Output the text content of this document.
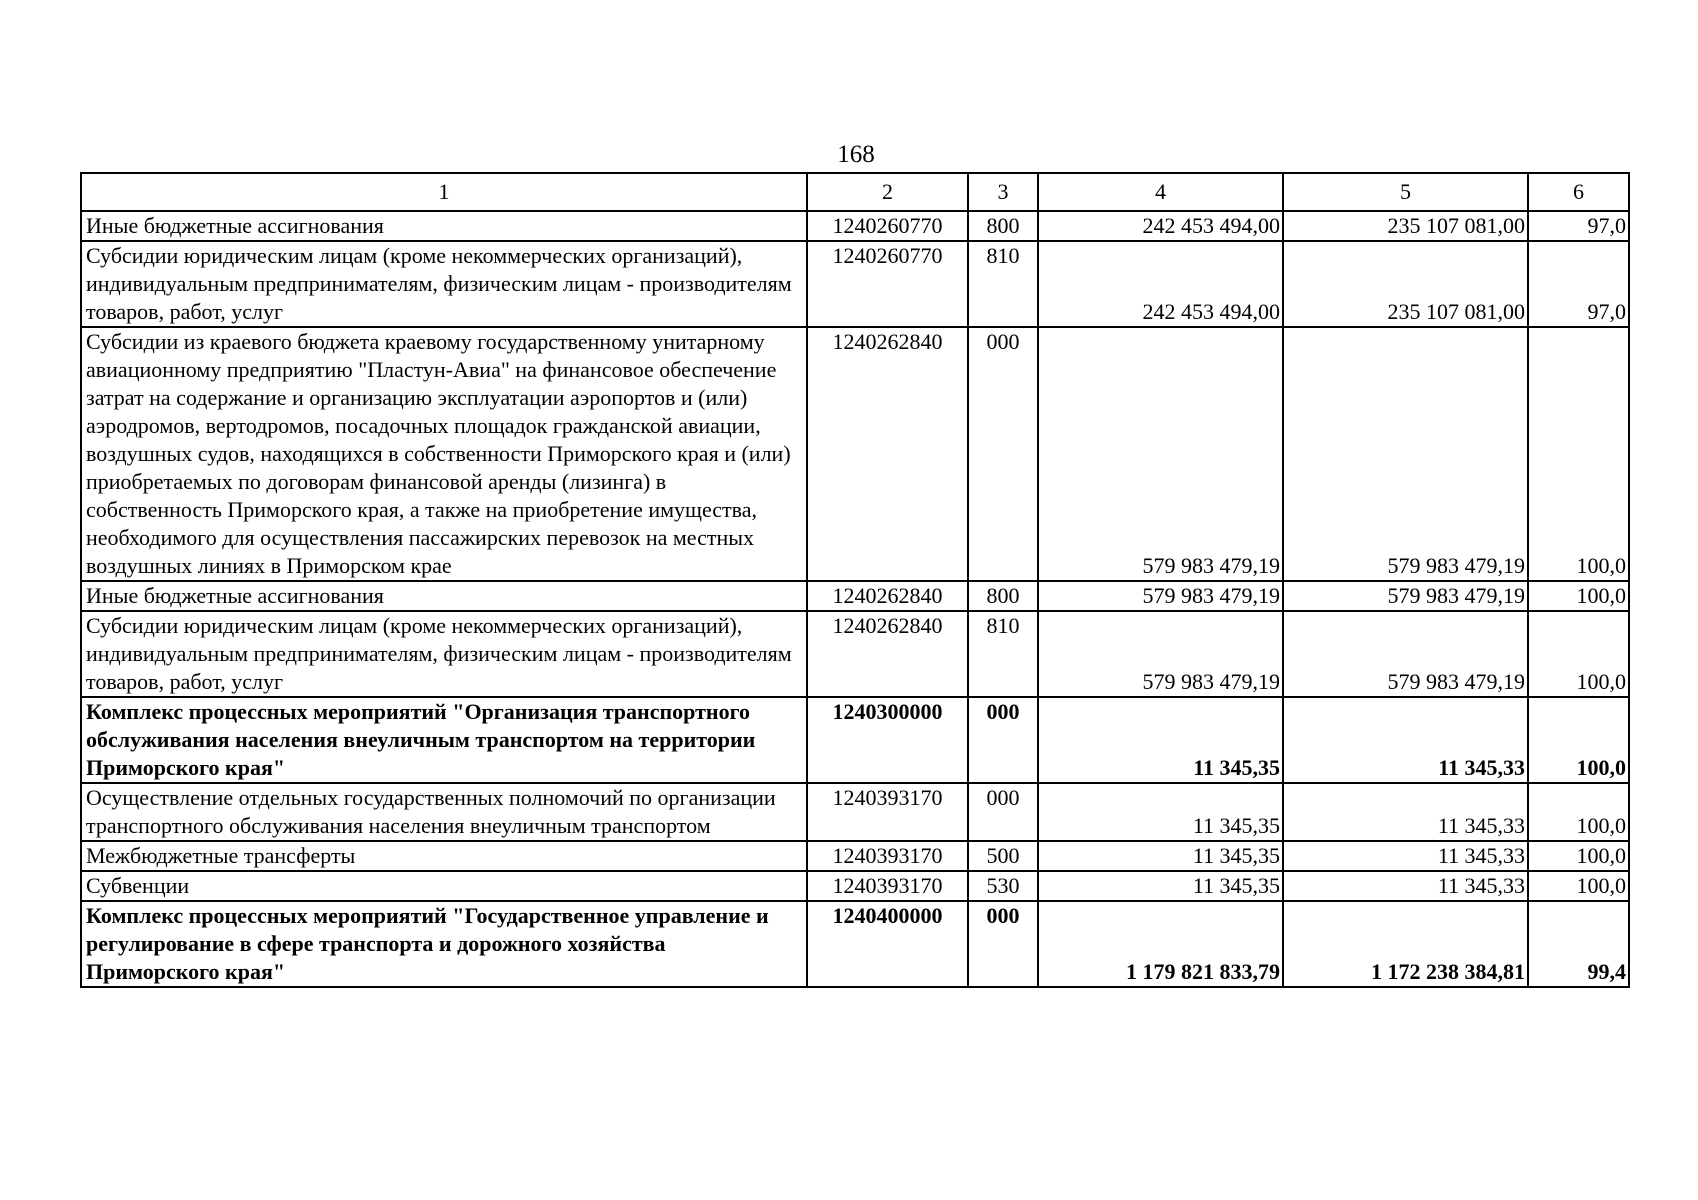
168
1	2	3	4	5	6
Иные бюджетные ассигнования	1240260770	800	242 453 494,00	235 107 081,00	97,0
Субсидии юридическим лицам (кроме некоммерческих организаций), индивидуальным предпринимателям, физическим лицам - производителям товаров, работ, услуг	1240260770	810	242 453 494,00	235 107 081,00	97,0
Субсидии из краевого бюджета краевому государственному унитарному авиационному предприятию "Пластун-Авиа" на финансовое обеспечение затрат на содержание и организацию эксплуатации аэропортов и (или) аэродромов, вертодромов, посадочных площадок гражданской авиации, воздушных судов, находящихся в собственности Приморского края и (или) приобретаемых по договорам финансовой аренды (лизинга) в собственность Приморского края, а также на приобретение имущества, необходимого для осуществления пассажирских перевозок на местных воздушных линиях в Приморском крае	1240262840	000	579 983 479,19	579 983 479,19	100,0
Иные бюджетные ассигнования	1240262840	800	579 983 479,19	579 983 479,19	100,0
Субсидии юридическим лицам (кроме некоммерческих организаций), индивидуальным предпринимателям, физическим лицам - производителям товаров, работ, услуг	1240262840	810	579 983 479,19	579 983 479,19	100,0
Комплекс процессных мероприятий "Организация транспортного обслуживания населения внеуличным транспортом на территории Приморского края"	1240300000	000	11 345,35	11 345,33	100,0
Осуществление отдельных государственных полномочий по организации транспортного обслуживания населения внеуличным транспортом	1240393170	000	11 345,35	11 345,33	100,0
Межбюджетные трансферты	1240393170	500	11 345,35	11 345,33	100,0
Субвенции	1240393170	530	11 345,35	11 345,33	100,0
Комплекс процессных мероприятий "Государственное управление и регулирование в сфере транспорта и дорожного хозяйства Приморского края"	1240400000	000	1 179 821 833,79	1 172 238 384,81	99,4
